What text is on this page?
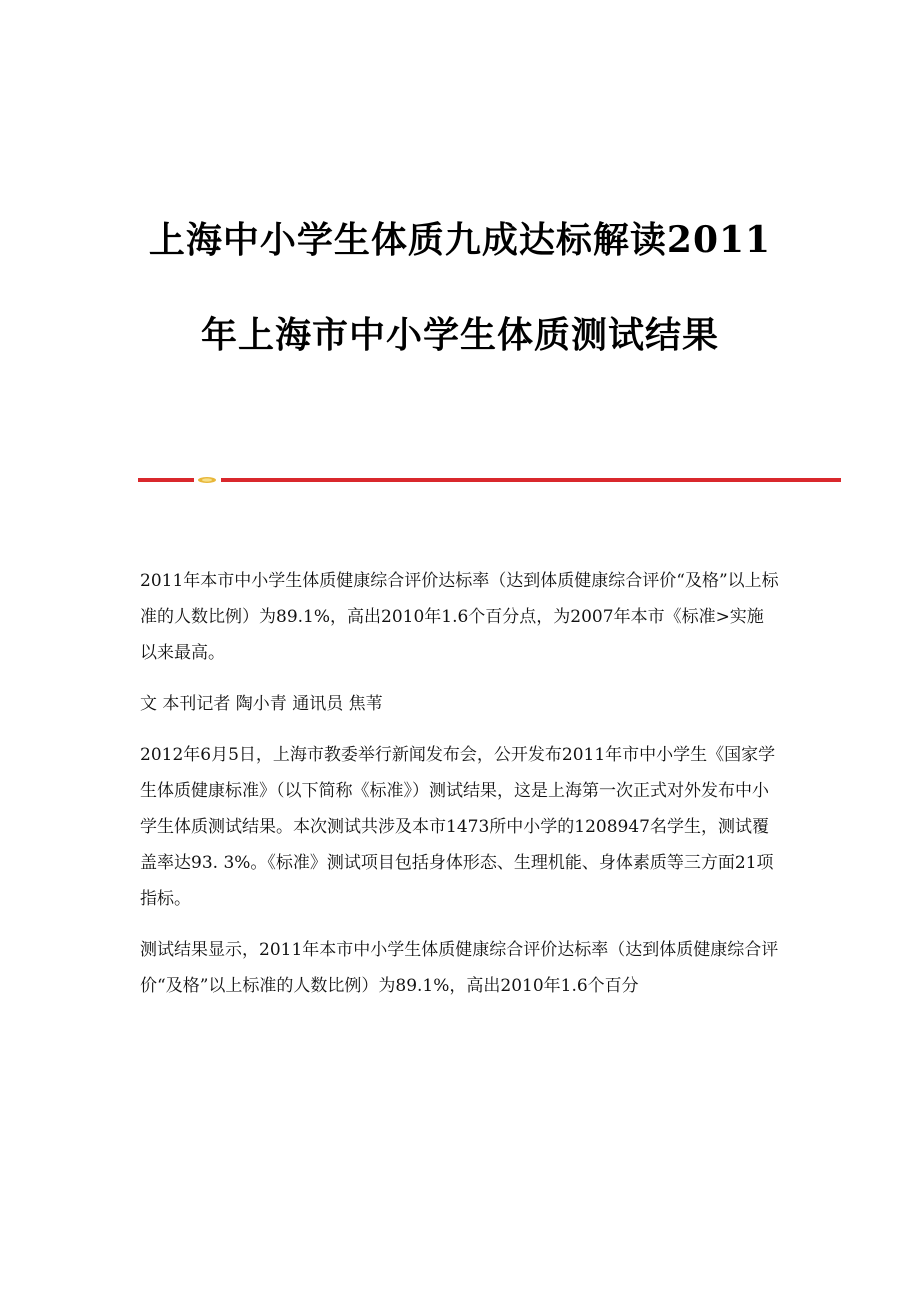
上海中小学生体质九成达标解读2011
年上海市中小学生体质测试结果

2011年本市中小学生体质健康综合评价达标率（达到体质健康综合评价“及格”以上标准的人数比例）为89.1%，高出2010年1.6个百分点，为2007年本市《标准>实施以来最高。

文 本刊记者 陶小青 通讯员 焦苇

2012年6月5日，上海市教委举行新闻发布会，公开发布2011年市中小学生《国家学生体质健康标准》（以下简称《标准》）测试结果，这是上海第一次正式对外发布中小学生体质测试结果。本次测试共涉及本市1473所中小学的1208947名学生，测试覆盖率达93. 3%。《标准》测试项目包括身体形态、生理机能、身体素质等三方面21项指标。

测试结果显示，2011年本市中小学生体质健康综合评价达标率（达到体质健康综合评价“及格”以上标准的人数比例）为89.1%，高出2010年1.6个百分
